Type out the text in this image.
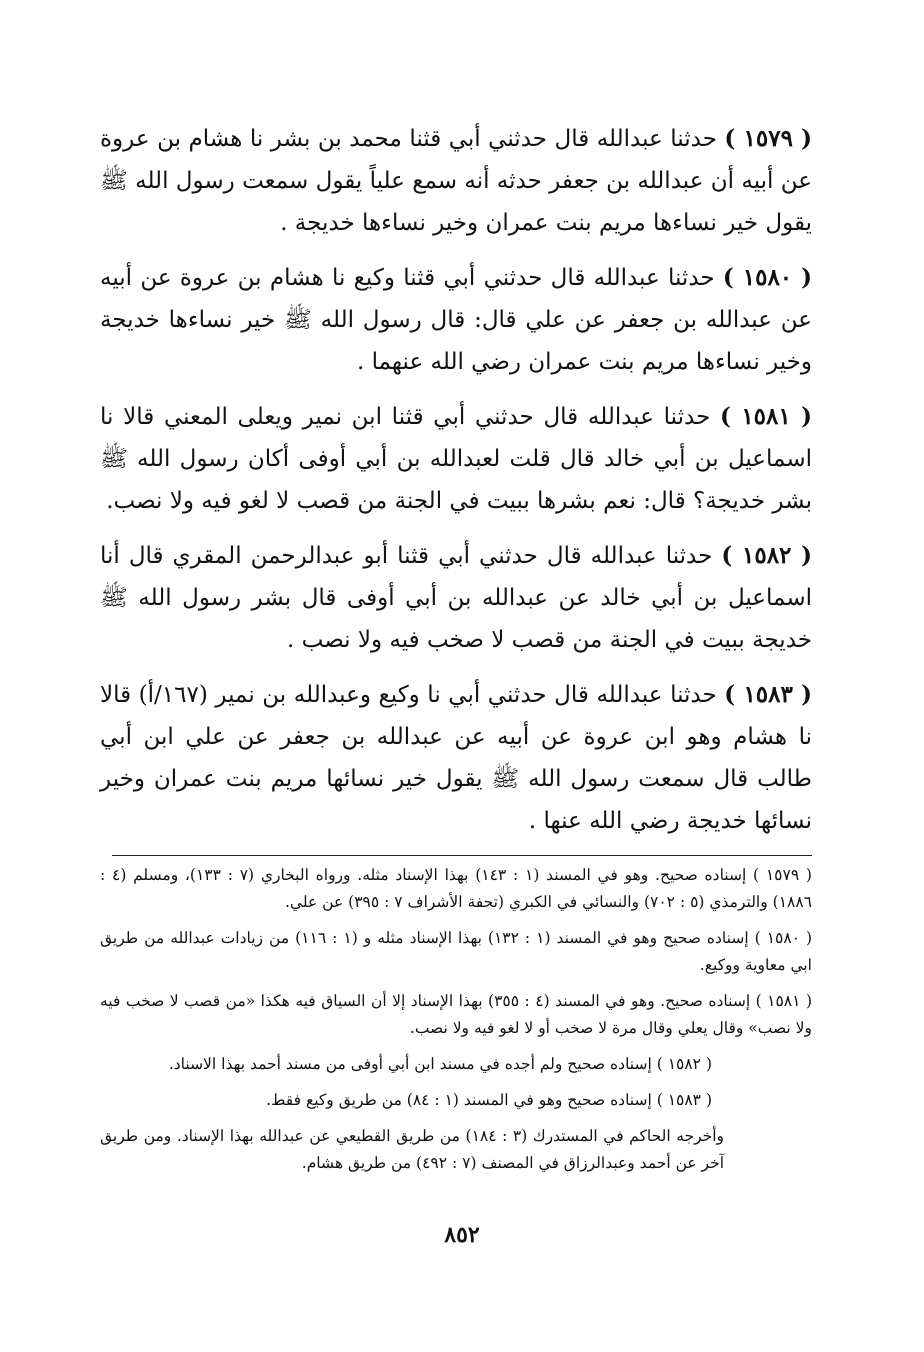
( ١٥٧٩ ) حدثنا عبدالله قال حدثني أبي قثنا محمد بن بشر نا هشام بن عروة عن أبيه أن عبدالله بن جعفر حدثه أنه سمع علياً يقول سمعت رسول الله ﷺ يقول خير نساءها مريم بنت عمران وخير نساءها خديجة .

( ١٥٨٠ ) حدثنا عبدالله قال حدثني أبي قثنا وكيع نا هشام بن عروة عن أبيه عن عبدالله بن جعفر عن علي قال: قال رسول الله ﷺ خير نساءها خديجة وخير نساءها مريم بنت عمران رضي الله عنهما .

( ١٥٨١ ) حدثنا عبدالله قال حدثني أبي قثنا ابن نمير ويعلى المعني قالا نا اسماعيل بن أبي خالد قال قلت لعبدالله بن أبي أوفى أكان رسول الله ﷺ بشر خديجة؟ قال: نعم بشرها ببيت في الجنة من قصب لا لغو فيه ولا نصب.

( ١٥٨٢ ) حدثنا عبدالله قال حدثني أبي قثنا أبو عبدالرحمن المقري قال أنا اسماعيل بن أبي خالد عن عبدالله بن أبي أوفى قال بشر رسول الله ﷺ خديجة ببيت في الجنة من قصب لا صخب فيه ولا نصب .

( ١٥٨٣ ) حدثنا عبدالله قال حدثني أبي نا وكيع وعبدالله بن نمير (١٦٧/أ) قالا نا هشام وهو ابن عروة عن أبيه عن عبدالله بن جعفر عن علي ابن أبي طالب قال سمعت رسول الله ﷺ يقول خير نسائها مريم بنت عمران وخير نسائها خديجة رضي الله عنها .

( ١٥٧٩ ) إسناده صحيح. وهو في المسند (١ : ١٤٣) بهذا الإسناد مثله. ورواه البخاري (٧ : ١٣٣)، ومسلم (٤ : ١٨٨٦) والترمذي (٥ : ٧٠٢) والنسائي في الكبري (تحفة الأشراف ٧ : ٣٩٥) عن علي.

( ١٥٨٠ ) إسناده صحيح وهو في المسند (١ : ١٣٢) بهذا الإسناد مثله و (١ : ١١٦) من زيادات عبدالله من طريق ابي معاوية ووكيع.

( ١٥٨١ ) إسناده صحيح. وهو في المسند (٤ : ٣٥٥) بهذا الإسناد إلا أن السياق فيه هكذا «من قصب لا صخب فيه ولا نصب» وقال يعلي وقال مرة لا صخب أو لا لغو فيه ولا نصب.

( ١٥٨٢ ) إسناده صحيح ولم أجده في مسند ابن أبي أوفى من مسند أحمد بهذا الاسناد.

( ١٥٨٣ ) إسناده صحيح وهو في المسند (١ : ٨٤) من طريق وكيع فقط.

وأخرجه الحاكم في المستدرك (٣ : ١٨٤) من طريق القطيعي عن عبدالله بهذا الإسناد. ومن طريق آخر عن أحمد وعبدالرزاق في المصنف (٧ : ٤٩٢) من طريق هشام.

٨٥٢
